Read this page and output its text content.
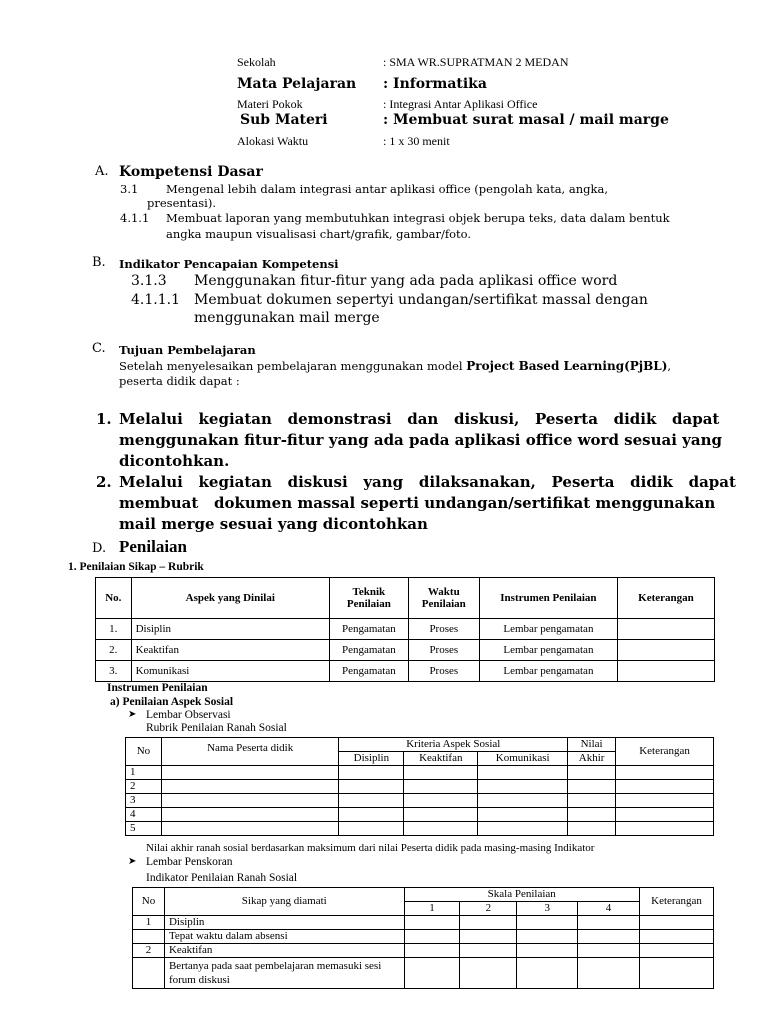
Sekolah	: SMA WR.SUPRATMAN 2 MEDAN
Mata Pelajaran : Informatika
Materi Pokok	: Integrasi Antar Aplikasi Office
Sub Materi	: Membuat surat masal / mail marge
Alokasi Waktu	: 1 x 30 menit
A. Kompetensi Dasar
3.1 Mengenal lebih dalam integrasi antar aplikasi office (pengolah kata, angka,
presentasi).
4.1.1 Membuat laporan yang membutuhkan integrasi objek berupa teks, data dalam bentuk
angka maupun visualisasi chart/grafik, gambar/foto.
B. Indikator Pencapaian Kompetensi
3.1.3 Menggunakan fitur-fitur yang ada pada aplikasi office word
4.1.1.1 Membuat dokumen sepertyi undangan/sertifikat massal dengan
menggunakan mail merge
C. Tujuan Pembelajaran
Setelah menyelesaikan pembelajaran menggunakan model Project Based Learning(PjBL),
peserta didik dapat :
1. Melalui   kegiatan   demonstrasi   dan   diskusi,   Peserta   didik   dapat
menggunakan fitur-fitur yang ada pada aplikasi office word sesuai yang
dicontohkan.
2. Melalui   kegiatan   diskusi   yang   dilaksanakan,   Peserta   didik   dapat
membuat   dokumen massal seperti undangan/sertifikat menggunakan
mail merge sesuai yang dicontohkan
D. Penilaian
1. Penilaian Sikap – Rubrik
No.	Aspek yang Dinilai	Teknik Penilaian	Waktu Penilaian	Instrumen Penilaian	Keterangan
1.	Disiplin	Pengamatan	Proses	Lembar pengamatan	
2.	Keaktifan	Pengamatan	Proses	Lembar pengamatan	
3.	Komunikasi	Pengamatan	Proses	Lembar pengamatan	
Instrumen Penilaian
a) Penilaian Aspek Sosial
➤ Lembar Observasi
Rubrik Penilaian Ranah Sosial
No	Nama Peserta didik	Kriteria Aspek Sosial			Nilai	Keterangan
		Disiplin	Keaktifan	Komunikasi	Akhir	
1						
2						
3						
4						
5						
Nilai akhir ranah sosial berdasarkan maksimum dari nilai Peserta didik pada masing-masing Indikator
➤ Lembar Penskoran
Indikator Penilaian Ranah Sosial
No	Sikap yang diamati	Skala Penilaian				Keterangan
		1	2	3	4	
1	Disiplin					
	Tepat waktu dalam absensi					
2	Keaktifan					
	Bertanya pada saat pembelajaran memasuki sesi forum diskusi					
